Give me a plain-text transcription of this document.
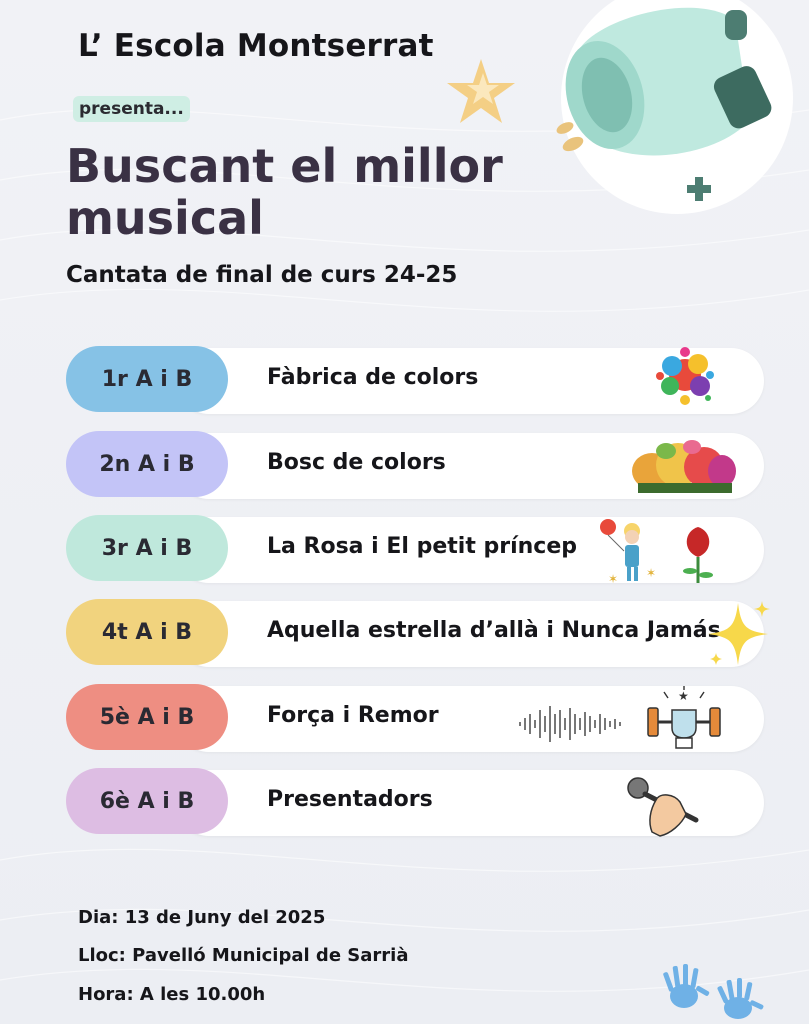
L’ Escola Montserrat
presenta...
Buscant el millor musical
Cantata de final de curs 24-25
1r A i B	Fàbrica de colors
2n A i B	Bosc de colors
3r A i B	La Rosa i El petit príncep
✶ ✶
4t A i B	Aquella estrella d’allà i Nunca Jamás
5è A i B	Força i Remor
★
6è A i B	Presentadors
Dia: 13 de Juny del 2025
Lloc: Pavelló Municipal de Sarrià
Hora: A les 10.00h
